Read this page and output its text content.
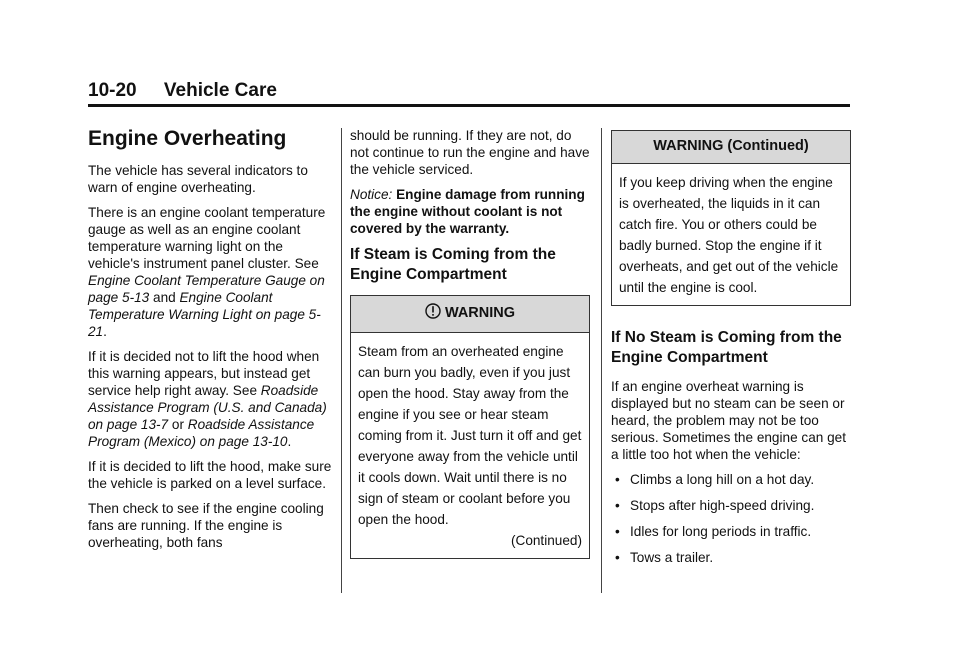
10-20 Vehicle Care
Engine Overheating

The vehicle has several indicators to warn of engine overheating.

There is an engine coolant temperature gauge as well as an engine coolant temperature warning light on the vehicle's instrument panel cluster. See Engine Coolant Temperature Gauge on page 5-13 and Engine Coolant Temperature Warning Light on page 5-21.

If it is decided not to lift the hood when this warning appears, but instead get service help right away. See Roadside Assistance Program (U.S. and Canada) on page 13-7 or Roadside Assistance Program (Mexico) on page 13-10.

If it is decided to lift the hood, make sure the vehicle is parked on a level surface.

Then check to see if the engine cooling fans are running. If the engine is overheating, both fans

should be running. If they are not, do not continue to run the engine and have the vehicle serviced.

Notice: Engine damage from running the engine without coolant is not covered by the warranty.

If Steam is Coming from the Engine Compartment
WARNING
Steam from an overheated engine can burn you badly, even if you just open the hood. Stay away from the engine if you see or hear steam coming from it. Just turn it off and get everyone away from the vehicle until it cools down. Wait until there is no sign of steam or coolant before you open the hood.
(Continued)
WARNING (Continued)
If you keep driving when the engine is overheated, the liquids in it can catch fire. You or others could be badly burned. Stop the engine if it overheats, and get out of the vehicle until the engine is cool.
If No Steam is Coming from the Engine Compartment

If an engine overheat warning is displayed but no steam can be seen or heard, the problem may not be too serious. Sometimes the engine can get a little too hot when the vehicle:

• Climbs a long hill on a hot day.
• Stops after high-speed driving.
• Idles for long periods in traffic.
• Tows a trailer.
